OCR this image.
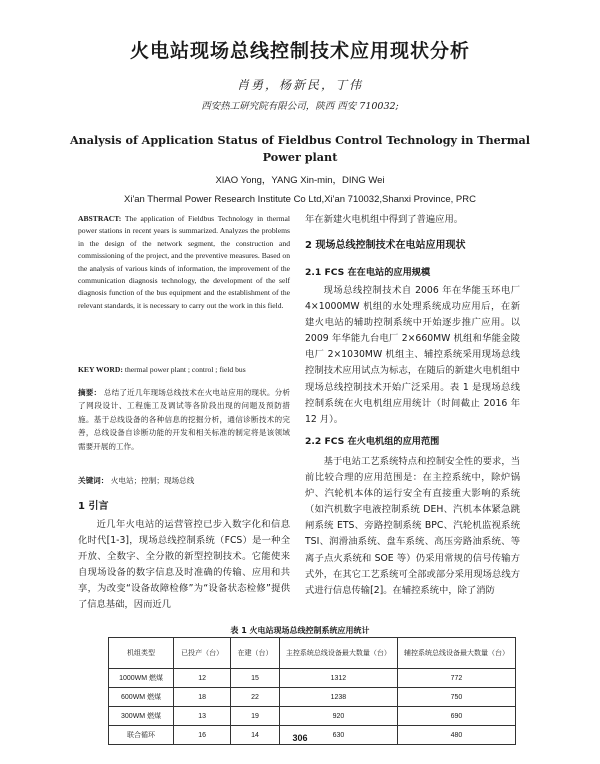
火电站现场总线控制技术应用现状分析
肖勇，杨新民，丁伟
西安热工研究院有限公司，陕西 西安 710032;
Analysis of Application Status of Fieldbus Control Technology in Thermal Power plant
XIAO Yong，YANG Xin-min，DING Wei
Xi'an Thermal Power Research Institute Co Ltd,Xi'an 710032,Shanxi Province, PRC
ABSTRACT: The application of Fieldbus Technology in thermal power stations in recent years is summarized. Analyzes the problems in the design of the network segment, the construction and commissioning of the project, and the preventive measures. Based on the analysis of various kinds of information, the improvement of the communication diagnosis technology, the development of the self diagnosis function of the bus equipment and the establishment of the relevant standards, it is necessary to carry out the work in this field.
KEY WORD: thermal power plant ; control ; field bus
摘要： 总结了近几年现场总线技术在火电站应用的现状。分析了网段设计、工程施工及调试等各阶段出现的问题及预防措施。基于总线设备的各种信息的挖掘分析，通信诊断技术的完善，总线设备自诊断功能的开发和相关标准的制定将是该领域需要开展的工作。
关键词： 火电站；控制；现场总线
1 引言
近几年火电站的运营管控已步入数字化和信息化时代[1-3]，现场总线控制系统（FCS）是一种全开放、全数字、全分散的新型控制技术。它能使来自现场设备的数字信息及时准确的传输、应用和共享，为改变“设备故障检修”为“设备状态检修”提供了信息基础，因而近几
年在新建火电机组中得到了普遍应用。
2 现场总线控制技术在电站应用现状
2.1 FCS 在在电站的应用规模
现场总线控制技术自 2006 年在华能玉环电厂 4×1000MW 机组的水处理系统成功应用后，在新建火电站的辅助控制系统中开始逐步推广应用。以 2009 年华能九台电厂 2×660MW 机组和华能金陵电厂 2×1030MW 机组主、辅控系统采用现场总线控制技术应用试点为标志，在随后的新建火电机组中现场总线控制技术开始广泛采用。表 1 是现场总线控制系统在火电机组应用统计（时间截止 2016 年 12 月）。
2.2 FCS 在火电机组的应用范围
基于电站工艺系统特点和控制安全性的要求，当前比较合理的应用范围是：在主控系统中，除炉锅炉、汽轮机本体的运行安全有直接重大影响的系统（如汽机数字电液控制系统 DEH、汽机本体紧急跳闸系统 ETS、旁路控制系统 BPC、汽轮机监视系统 TSI、润滑油系统、盘车系统、高压旁路油系统、等离子点火系统和 SOE 等）仍采用常规的信号传输方式外，在其它工艺系统可全部或部分采用现场总线方式进行信息传输[2]。在辅控系统中，除了消防
表 1 火电站现场总线控制系统应用统计
机组类型	已投产（台）	在建（台）	主控系统总线设备最大数量（台）	辅控系统总线设备最大数量（台）
1000WM 燃煤	12	15	1312	772
600WM 燃煤	18	22	1238	750
300WM 燃煤	13	19	920	690
联合循环	16	14	630	480
306
